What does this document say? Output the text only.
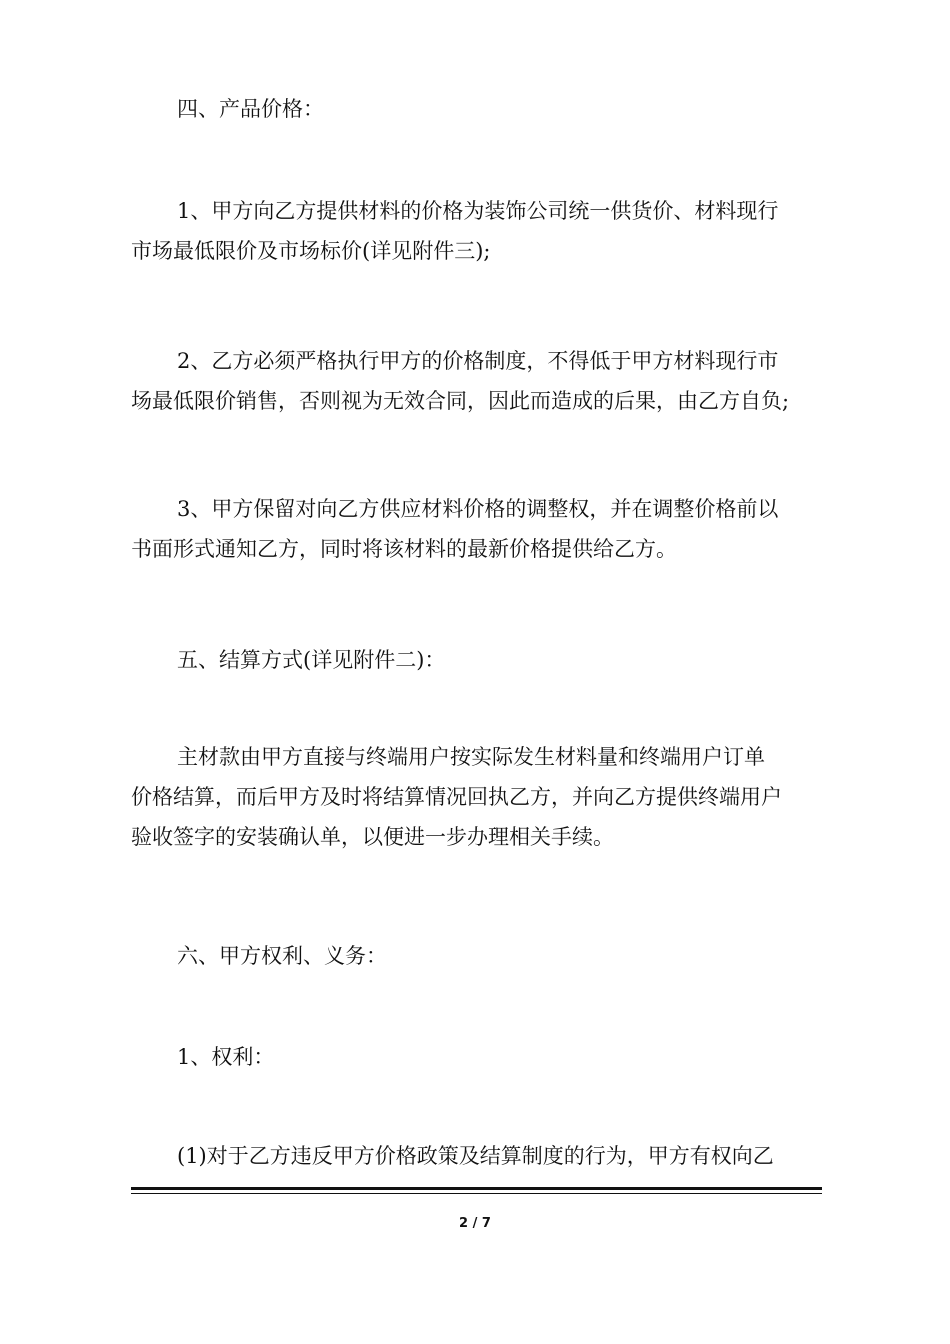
四、产品价格：
1、甲方向乙方提供材料的价格为装饰公司统一供货价、材料现行
市场最低限价及市场标价(详见附件三);
2、乙方必须严格执行甲方的价格制度，不得低于甲方材料现行市
场最低限价销售，否则视为无效合同，因此而造成的后果，由乙方自负;
3、甲方保留对向乙方供应材料价格的调整权，并在调整价格前以
书面形式通知乙方，同时将该材料的最新价格提供给乙方。
五、结算方式(详见附件二)：
主材款由甲方直接与终端用户按实际发生材料量和终端用户订单
价格结算，而后甲方及时将结算情况回执乙方，并向乙方提供终端用户
验收签字的安装确认单，以便进一步办理相关手续。
六、甲方权利、义务：
1、权利：
(1)对于乙方违反甲方价格政策及结算制度的行为，甲方有权向乙
2 / 7
